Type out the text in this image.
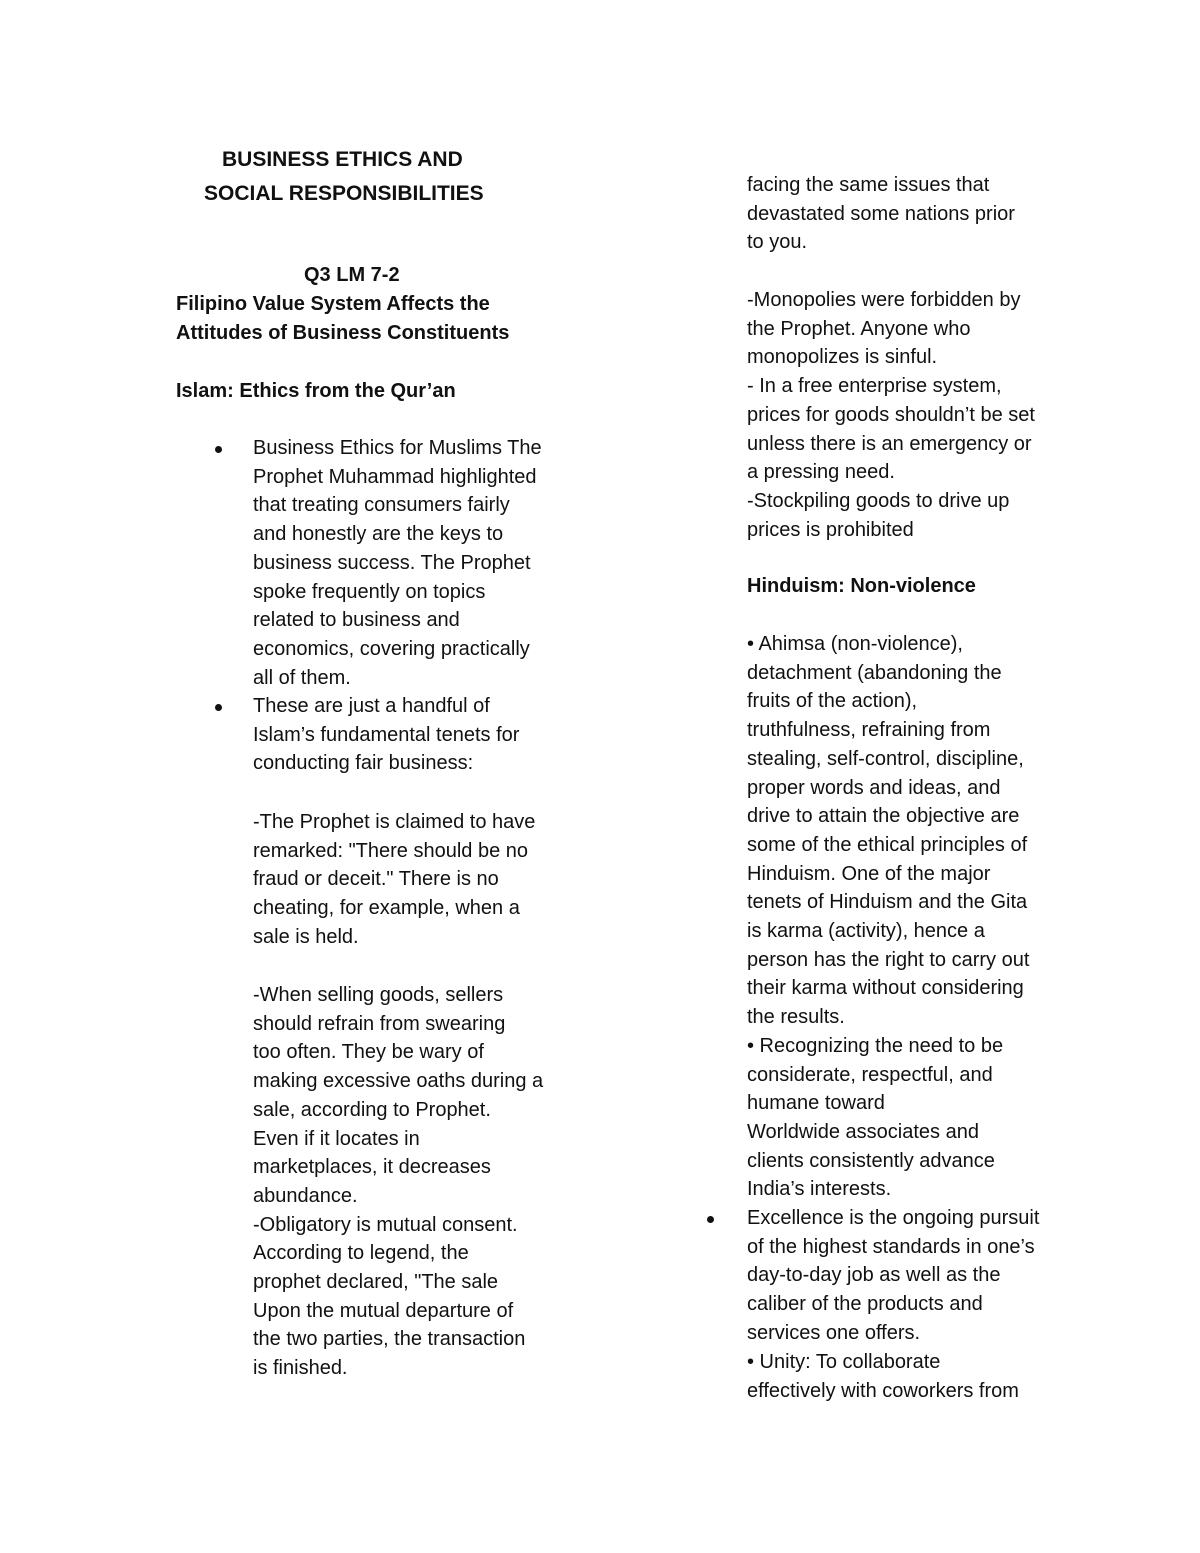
BUSINESS ETHICS AND
SOCIAL RESPONSIBILITIES
Q3 LM 7-2
Filipino Value System Affects the
Attitudes of Business Constituents
Islam: Ethics from the Qur’an
Business Ethics for Muslims The
Prophet Muhammad highlighted
that treating consumers fairly
and honestly are the keys to
business success. The Prophet
spoke frequently on topics
related to business and
economics, covering practically
all of them.
These are just a handful of
Islam’s fundamental tenets for
conducting fair business:
-The Prophet is claimed to have
remarked: "There should be no
fraud or deceit." There is no
cheating, for example, when a
sale is held.
-When selling goods, sellers
should refrain from swearing
too often. They be wary of
making excessive oaths during a
sale, according to Prophet.
Even if it locates in
marketplaces, it decreases
abundance.
-Obligatory is mutual consent.
According to legend, the
prophet declared, "The sale
Upon the mutual departure of
the two parties, the transaction
is finished.
facing the same issues that
devastated some nations prior
to you.
-Monopolies were forbidden by
the Prophet. Anyone who
monopolizes is sinful.
- In a free enterprise system,
prices for goods shouldn’t be set
unless there is an emergency or
a pressing need.
-Stockpiling goods to drive up
prices is prohibited
Hinduism: Non-violence
• Ahimsa (non-violence),
detachment (abandoning the
fruits of the action),
truthfulness, refraining from
stealing, self-control, discipline,
proper words and ideas, and
drive to attain the objective are
some of the ethical principles of
Hinduism. One of the major
tenets of Hinduism and the Gita
is karma (activity), hence a
person has the right to carry out
their karma without considering
the results.
• Recognizing the need to be
considerate, respectful, and
humane toward
Worldwide associates and
clients consistently advance
India’s interests.
Excellence is the ongoing pursuit
of the highest standards in one’s
day-to-day job as well as the
caliber of the products and
services one offers.
• Unity: To collaborate
effectively with coworkers from
